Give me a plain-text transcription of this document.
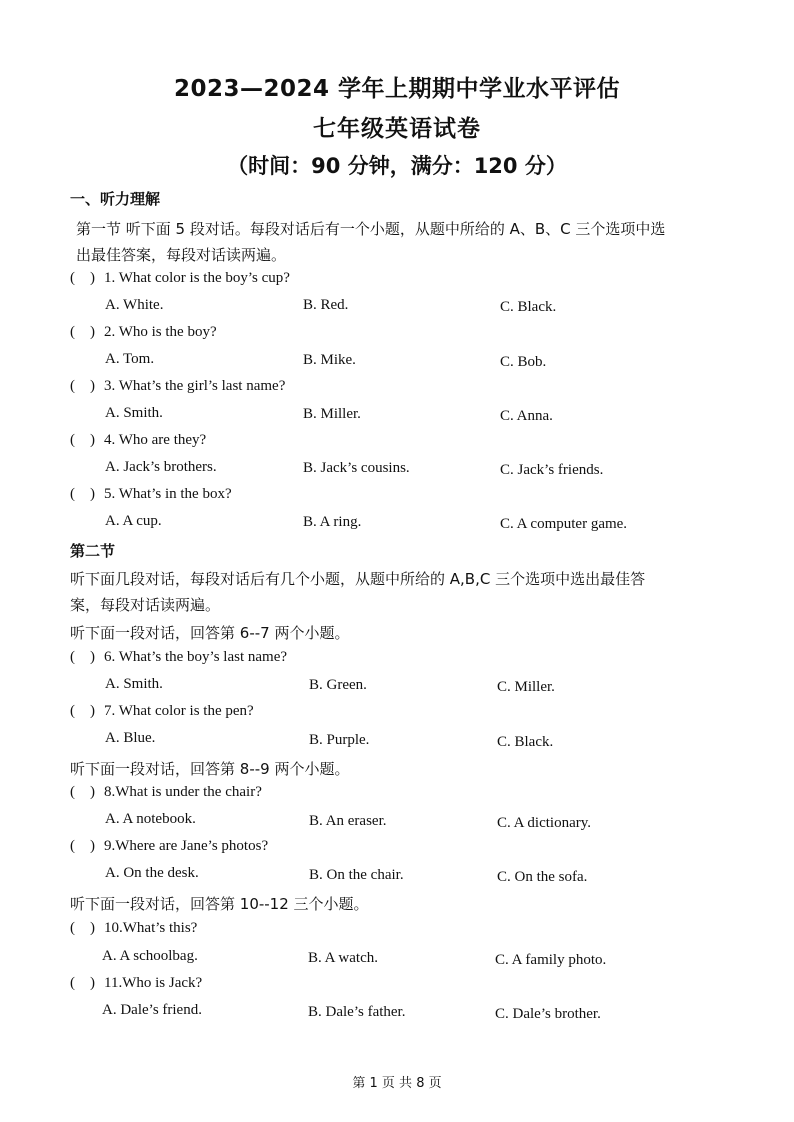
2023—2024 学年上期期中学业水平评估
七年级英语试卷
（时间：90 分钟，满分：120 分）
一、听力理解
第一节 听下面 5 段对话。每段对话后有一个小题，从题中所给的 A、B、C 三个选项中选
出最佳答案，每段对话读两遍。
( ) 1. What color is the boy’s cup?
A. White.	B. Red.	C. Black.
( ) 2. Who is the boy?
A. Tom.	B. Mike.	C. Bob.
( ) 3. What’s the girl’s last name?
A. Smith.	B. Miller.	C. Anna.
( ) 4. Who are they?
A. Jack’s brothers.	B. Jack’s cousins.	C. Jack’s friends.
( ) 5. What’s in the box?
A. A cup.	B. A ring.	C. A computer game.
第二节
听下面几段对话，每段对话后有几个小题，从题中所给的 A,B,C 三个选项中选出最佳答
案，每段对话读两遍。
听下面一段对话，回答第 6--7 两个小题。
( ) 6. What’s the boy’s last name?
A. Smith.	B. Green.	C. Miller.
( ) 7. What color is the pen?
A. Blue.	B. Purple.	C. Black.
听下面一段对话，回答第 8--9 两个小题。
( ) 8.What is under the chair?
A. A notebook.	B. An eraser.	C. A dictionary.
( ) 9.Where are Jane’s photos?
A. On the desk.	B. On the chair.	C. On the sofa.
听下面一段对话，回答第 10--12 三个小题。
( ) 10.What’s this?
A. A schoolbag.	B. A watch.	C. A family photo.
( ) 11.Who is Jack?
A. Dale’s friend.	B. Dale’s father.	C. Dale’s brother.
第 1 页 共 8 页
